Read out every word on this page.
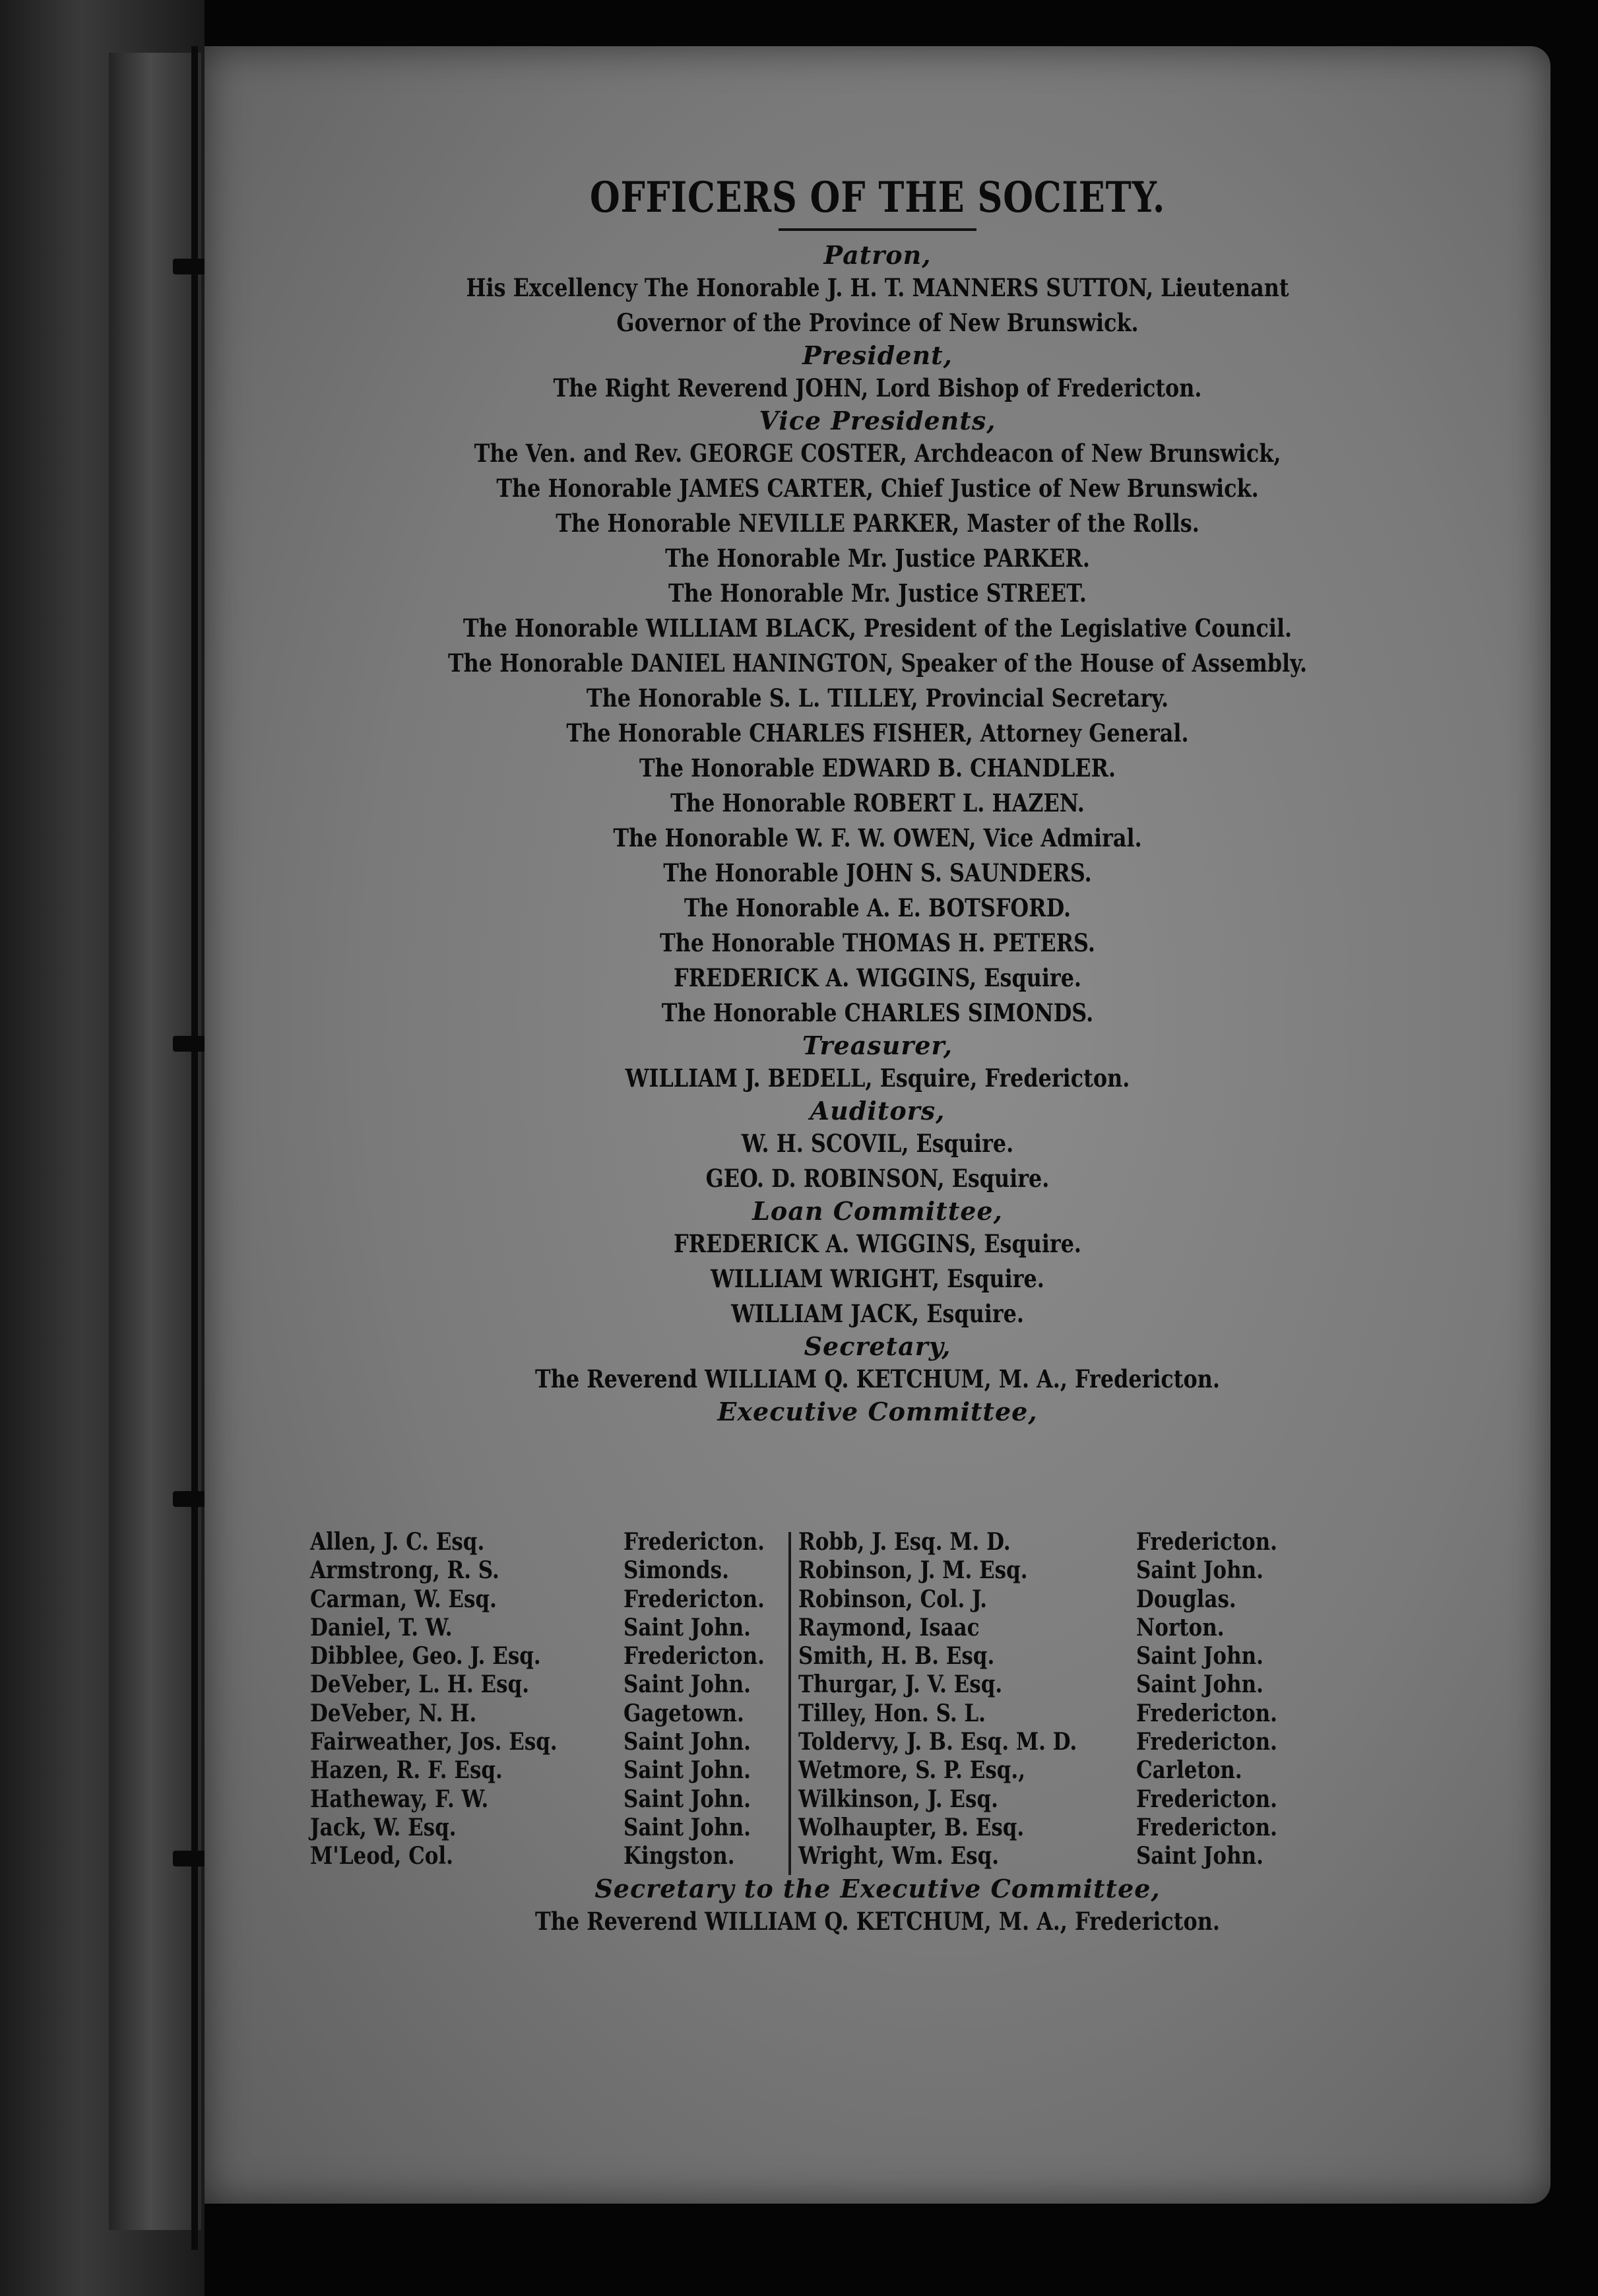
OFFICERS OF THE SOCIETY.
Patron,
His Excellency The Honorable J. H. T. MANNERS SUTTON, Lieutenant
Governor of the Province of New Brunswick.
President,
The Right Reverend JOHN, Lord Bishop of Fredericton.
Vice Presidents,
The Ven. and Rev. GEORGE COSTER, Archdeacon of New Brunswick,
The Honorable JAMES CARTER, Chief Justice of New Brunswick.
The Honorable NEVILLE PARKER, Master of the Rolls.
The Honorable Mr. Justice PARKER.
The Honorable Mr. Justice STREET.
The Honorable WILLIAM BLACK, President of the Legislative Council.
The Honorable DANIEL HANINGTON, Speaker of the House of Assembly.
The Honorable S. L. TILLEY, Provincial Secretary.
The Honorable CHARLES FISHER, Attorney General.
The Honorable EDWARD B. CHANDLER.
The Honorable ROBERT L. HAZEN.
The Honorable W. F. W. OWEN, Vice Admiral.
The Honorable JOHN S. SAUNDERS.
The Honorable A. E. BOTSFORD.
The Honorable THOMAS H. PETERS.
FREDERICK A. WIGGINS, Esquire.
The Honorable CHARLES SIMONDS.
Treasurer,
WILLIAM J. BEDELL, Esquire, Fredericton.
Auditors,
W. H. SCOVIL, Esquire.
GEO. D. ROBINSON, Esquire.
Loan Committee,
FREDERICK A. WIGGINS, Esquire.
WILLIAM WRIGHT, Esquire.
WILLIAM JACK, Esquire.
Secretary,
The Reverend WILLIAM Q. KETCHUM, M. A., Fredericton.
Executive Committee,
Allen, J. C. Esq.
Armstrong, R. S.
Carman, W. Esq.
Daniel, T. W.
Dibblee, Geo. J. Esq.
DeVeber, L. H. Esq.
DeVeber, N. H.
Fairweather, Jos. Esq.
Hazen, R. F. Esq.
Hatheway, F. W.
Jack, W. Esq.
M'Leod, Col.
Fredericton.
Simonds.
Fredericton.
Saint John.
Fredericton.
Saint John.
Gagetown.
Saint John.
Saint John.
Saint John.
Saint John.
Kingston.
Robb, J. Esq. M. D.
Robinson, J. M. Esq.
Robinson, Col. J.
Raymond, Isaac
Smith, H. B. Esq.
Thurgar, J. V. Esq.
Tilley, Hon. S. L.
Toldervy, J. B. Esq. M. D.
Wetmore, S. P. Esq.,
Wilkinson, J. Esq.
Wolhaupter, B. Esq.
Wright, Wm. Esq.
Fredericton.
Saint John.
Douglas.
Norton.
Saint John.
Saint John.
Fredericton.
Fredericton.
Carleton.
Fredericton.
Fredericton.
Saint John.
Secretary to the Executive Committee,
The Reverend WILLIAM Q. KETCHUM, M. A., Fredericton.
